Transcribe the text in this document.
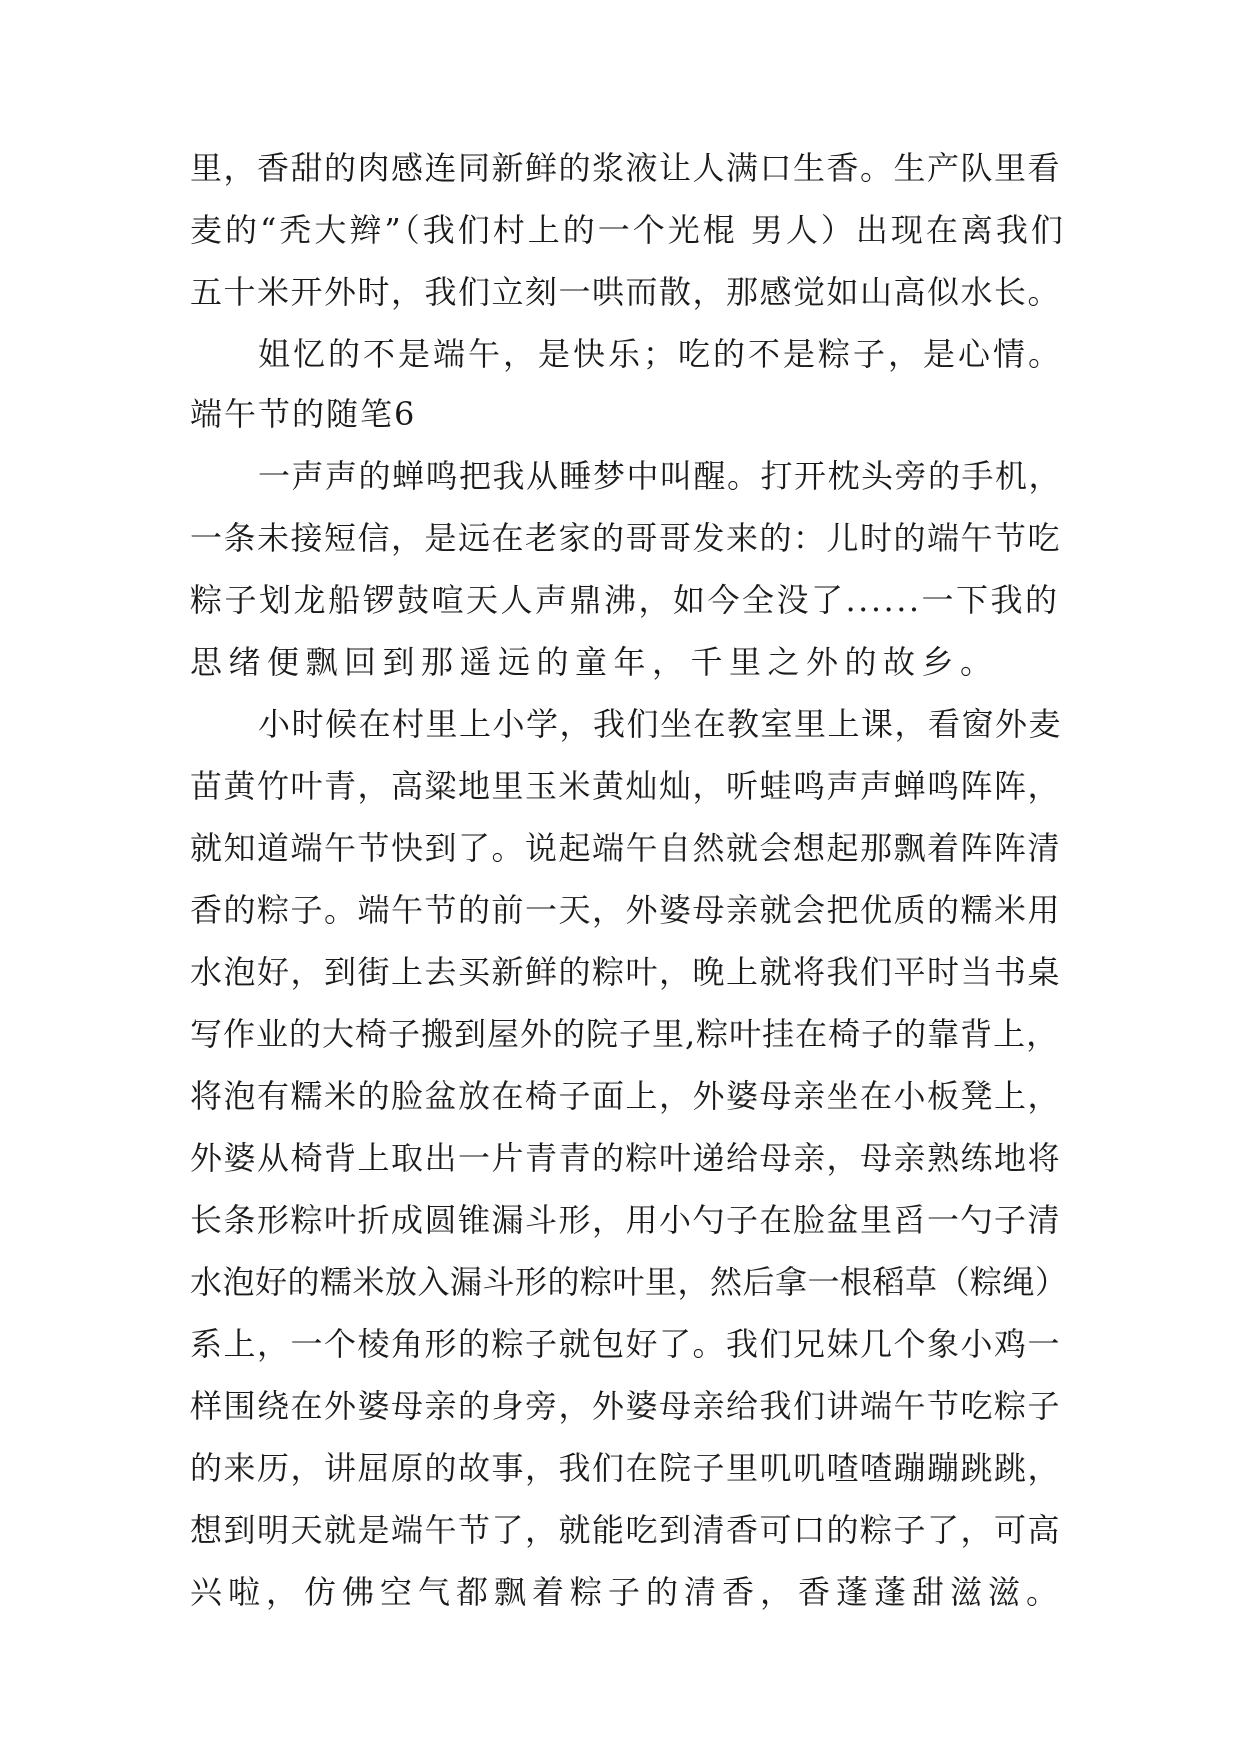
里，香甜的肉感连同新鲜的浆液让人满口生香。生产队里看
麦的“秃大辫”（我们村上的一个光棍 男人）出现在离我们
五十米开外时，我们立刻一哄而散，那感觉如山高似水长。
姐忆的不是端午，是快乐；吃的不是粽子，是心情。
端午节的随笔6
一声声的蝉鸣把我从睡梦中叫醒。打开枕头旁的手机，
一条未接短信，是远在老家的哥哥发来的：儿时的端午节吃
粽子划龙船锣鼓喧天人声鼎沸，如今全没了......一下我的
思绪便飘回到那遥远的童年，千里之外的故乡。
小时候在村里上小学，我们坐在教室里上课，看窗外麦
苗黄竹叶青，高粱地里玉米黄灿灿，听蛙鸣声声蝉鸣阵阵，
就知道端午节快到了。说起端午自然就会想起那飘着阵阵清
香的粽子。端午节的前一天，外婆母亲就会把优质的糯米用
水泡好，到街上去买新鲜的粽叶，晚上就将我们平时当书桌
写作业的大椅子搬到屋外的院子里,粽叶挂在椅子的靠背上，
将泡有糯米的脸盆放在椅子面上，外婆母亲坐在小板凳上，
外婆从椅背上取出一片青青的粽叶递给母亲，母亲熟练地将
长条形粽叶折成圆锥漏斗形，用小勺子在脸盆里舀一勺子清
水泡好的糯米放入漏斗形的粽叶里，然后拿一根稻草（粽绳）
系上，一个棱角形的粽子就包好了。我们兄妹几个象小鸡一
样围绕在外婆母亲的身旁，外婆母亲给我们讲端午节吃粽子
的来历，讲屈原的故事，我们在院子里叽叽喳喳蹦蹦跳跳，
想到明天就是端午节了，就能吃到清香可口的粽子了，可高
兴啦，仿佛空气都飘着粽子的清香，香蓬蓬甜滋滋。
